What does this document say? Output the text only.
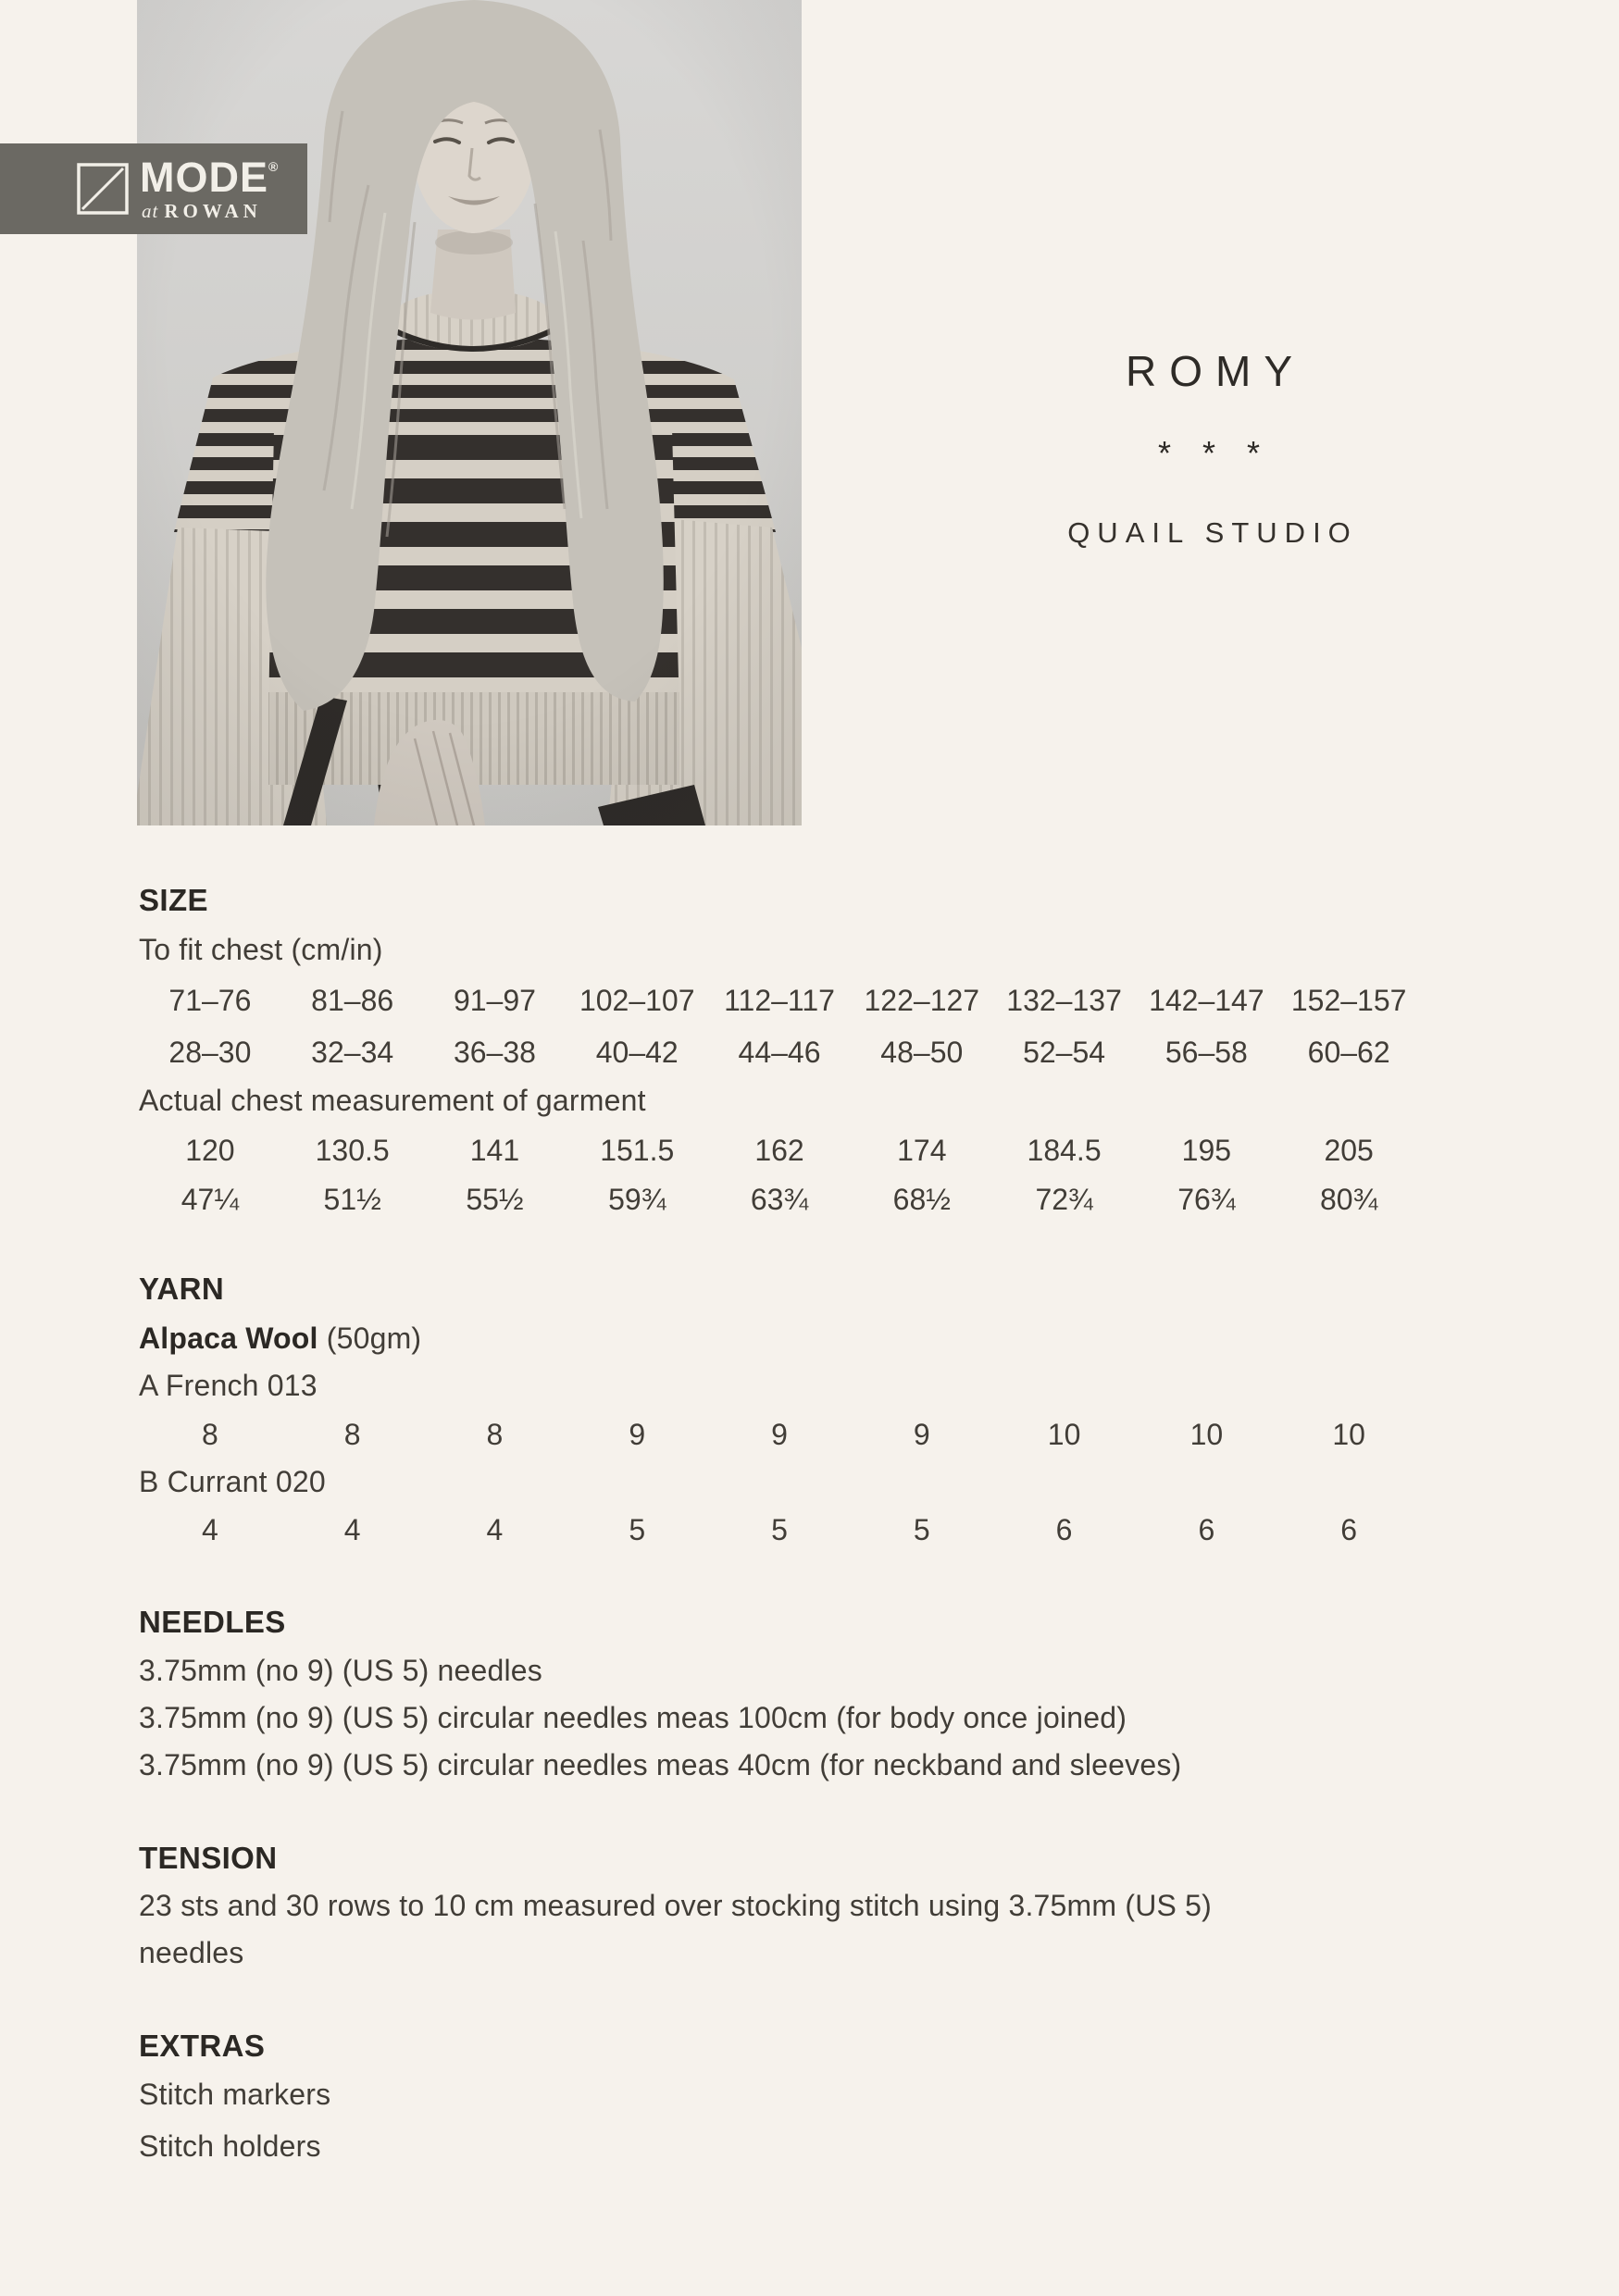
MODE®
at ROWAN
ROMY
* * *
QUAIL STUDIO
SIZE
To fit chest (cm/in)
71–76	81–86	91–97	102–107 112–117 122–127 132–137 142–147 152–157
28–30	32–34	36–38	40–42	44–46	48–50	52–54	56–58	60–62
Actual chest measurement of garment
120	130.5	141	151.5	162	174	184.5	195	205
47¼	51½	55½	59¾	63¾	68½	72¾	76¾	80¾
YARN
Alpaca Wool (50gm)
A French 013
8	8	8	9	9	9	10	10	10
B Currant 020
4	4	4	5	5	5	6	6	6
NEEDLES
3.75mm (no 9) (US 5) needles
3.75mm (no 9) (US 5) circular needles meas 100cm (for body once joined)
3.75mm (no 9) (US 5) circular needles meas 40cm (for neckband and sleeves)
TENSION
23 sts and 30 rows to 10 cm measured over stocking stitch using 3.75mm (US 5)
needles
EXTRAS
Stitch markers
Stitch holders
